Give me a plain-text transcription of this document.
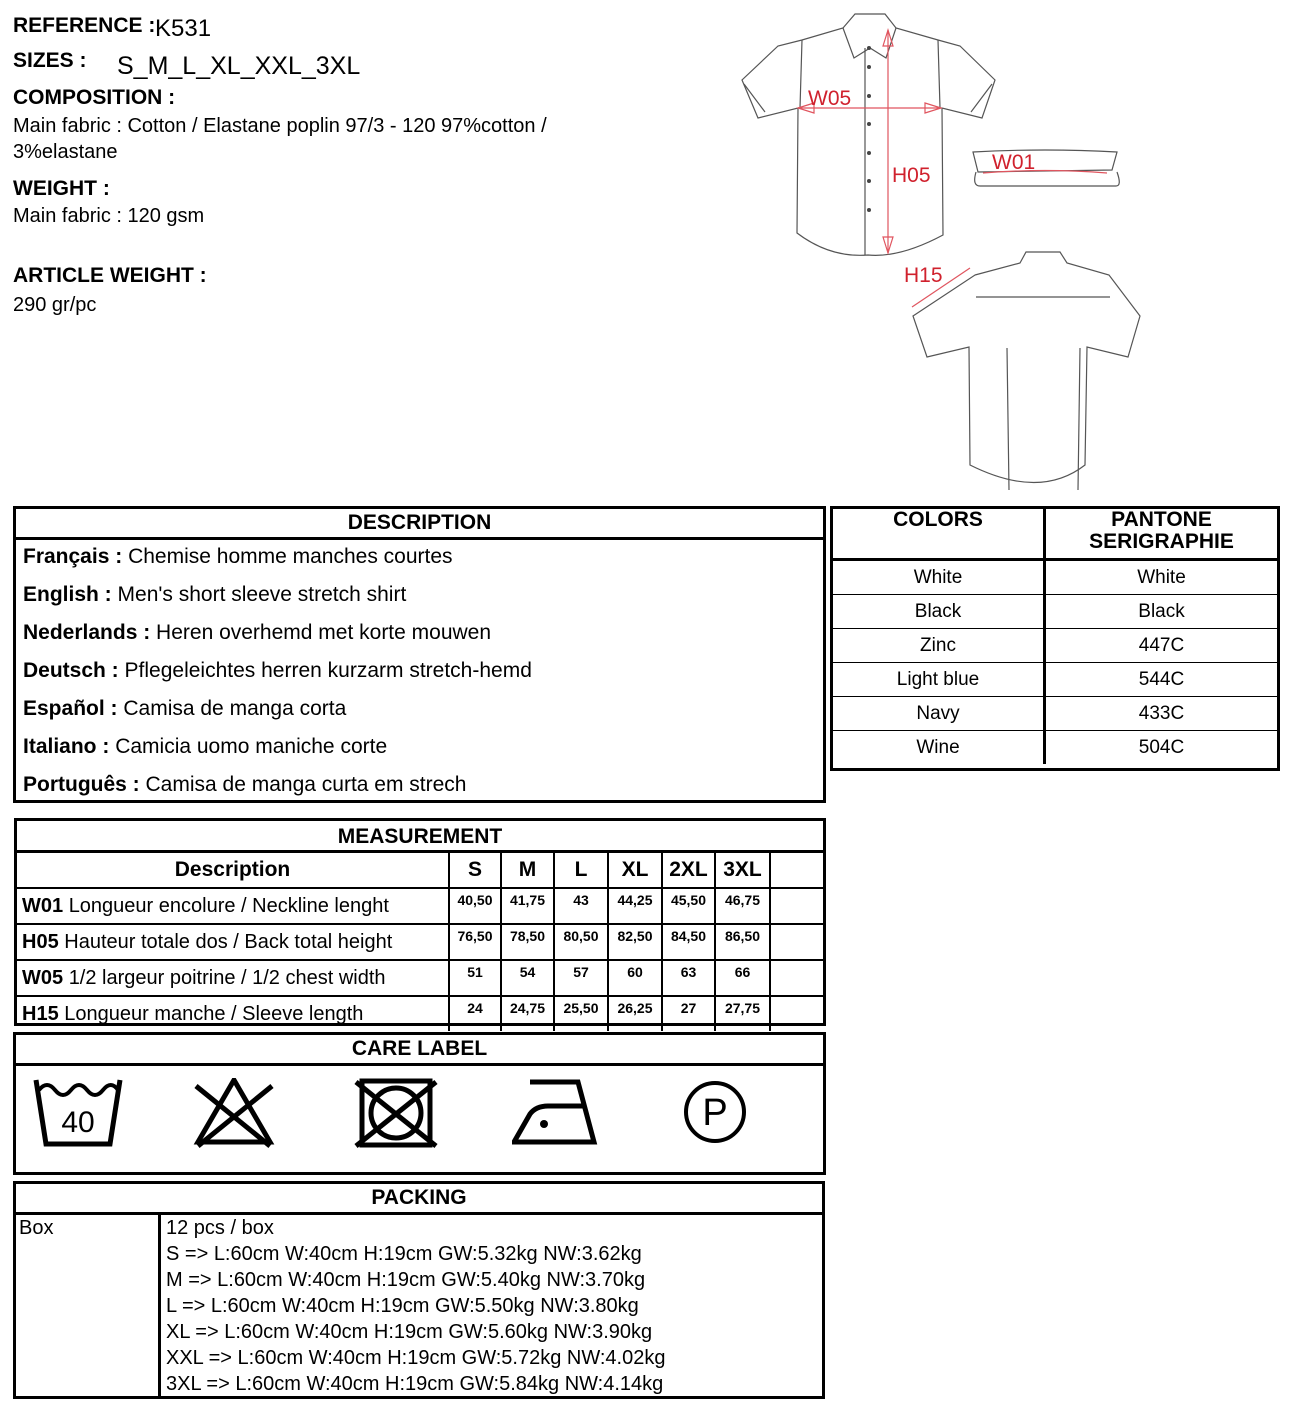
REFERENCE : K531
SIZES : S_M_L_XL_XXL_3XL
COMPOSITION :
Main fabric : Cotton / Elastane poplin 97/3 - 120 97%cotton /
3%elastane
WEIGHT :
Main fabric : 120 gsm
ARTICLE WEIGHT :
290 gr/pc
W05
H05
W01
H15
DESCRIPTION
Français : Chemise homme manches courtes
English : Men's short sleeve stretch shirt
Nederlands : Heren overhemd met korte mouwen
Deutsch : Pflegeleichtes herren kurzarm stretch-hemd
Español : Camisa de manga corta
Italiano : Camicia uomo maniche corte
Português : Camisa de manga curta em strech
COLORS	PANTONE
SERIGRAPHIE
White	White
Black	Black
Zinc	447C
Light blue	544C
Navy	433C
Wine	504C
MEASUREMENT
Description	S	M	L	XL	2XL	3XL	
W01 Longueur encolure / Neckline lenght	40,50	41,75	43	44,25	45,50	46,75	
H05 Hauteur totale dos / Back total height	76,50	78,50	80,50	82,50	84,50	86,50	
W05 1/2 largeur poitrine / 1/2 chest width	51	54	57	60	63	66	
H15 Longueur manche / Sleeve length	24	24,75	25,50	26,25	27	27,75	
CARE LABEL
40	P
PACKING
Box	12 pcs / box
S => L:60cm W:40cm H:19cm GW:5.32kg NW:3.62kg
M => L:60cm W:40cm H:19cm GW:5.40kg NW:3.70kg
L => L:60cm W:40cm H:19cm GW:5.50kg NW:3.80kg
XL => L:60cm W:40cm H:19cm GW:5.60kg NW:3.90kg
XXL => L:60cm W:40cm H:19cm GW:5.72kg NW:4.02kg
3XL => L:60cm W:40cm H:19cm GW:5.84kg NW:4.14kg
